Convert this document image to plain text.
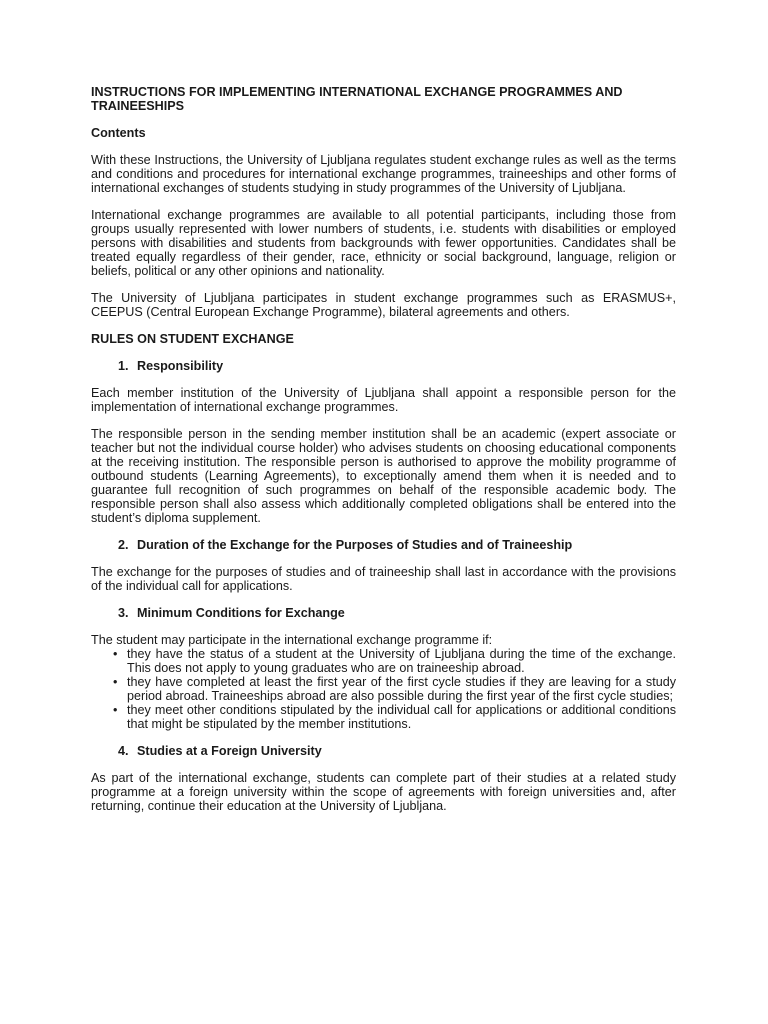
INSTRUCTIONS FOR IMPLEMENTING INTERNATIONAL EXCHANGE PROGRAMMES AND TRAINEESHIPS
Contents

With these Instructions, the University of Ljubljana regulates student exchange rules as well as the terms and conditions and procedures for international exchange programmes, traineeships and other forms of international exchanges of students studying in study programmes of the University of Ljubljana.

International exchange programmes are available to all potential participants, including those from groups usually represented with lower numbers of students, i.e. students with disabilities or employed persons with disabilities and students from backgrounds with fewer opportunities. Candidates shall be treated equally regardless of their gender, race, ethnicity or social background, language, religion or beliefs, political or any other opinions and nationality.

The University of Ljubljana participates in student exchange programmes such as ERASMUS+, CEEPUS (Central European Exchange Programme), bilateral agreements and others.

RULES ON STUDENT EXCHANGE
1. Responsibility

Each member institution of the University of Ljubljana shall appoint a responsible person for the implementation of international exchange programmes.

The responsible person in the sending member institution shall be an academic (expert associate or teacher but not the individual course holder) who advises students on choosing educational components at the receiving institution. The responsible person is authorised to approve the mobility programme of outbound students (Learning Agreements), to exceptionally amend them when it is needed and to guarantee full recognition of such programmes on behalf of the responsible academic body. The responsible person shall also assess which additionally completed obligations shall be entered into the student’s diploma supplement.

2. Duration of the Exchange for the Purposes of Studies and of Traineeship

The exchange for the purposes of studies and of traineeship shall last in accordance with the provisions of the individual call for applications.

3. Minimum Conditions for Exchange

The student may participate in the international exchange programme if:

• they have the status of a student at the University of Ljubljana during the time of the exchange. This does not apply to young graduates who are on traineeship abroad.
• they have completed at least the first year of the first cycle studies if they are leaving for a study period abroad. Traineeships abroad are also possible during the first year of the first cycle studies;
• they meet other conditions stipulated by the individual call for applications or additional conditions that might be stipulated by the member institutions.
4. Studies at a Foreign University

As part of the international exchange, students can complete part of their studies at a related study programme at a foreign university within the scope of agreements with foreign universities and, after returning, continue their education at the University of Ljubljana.
